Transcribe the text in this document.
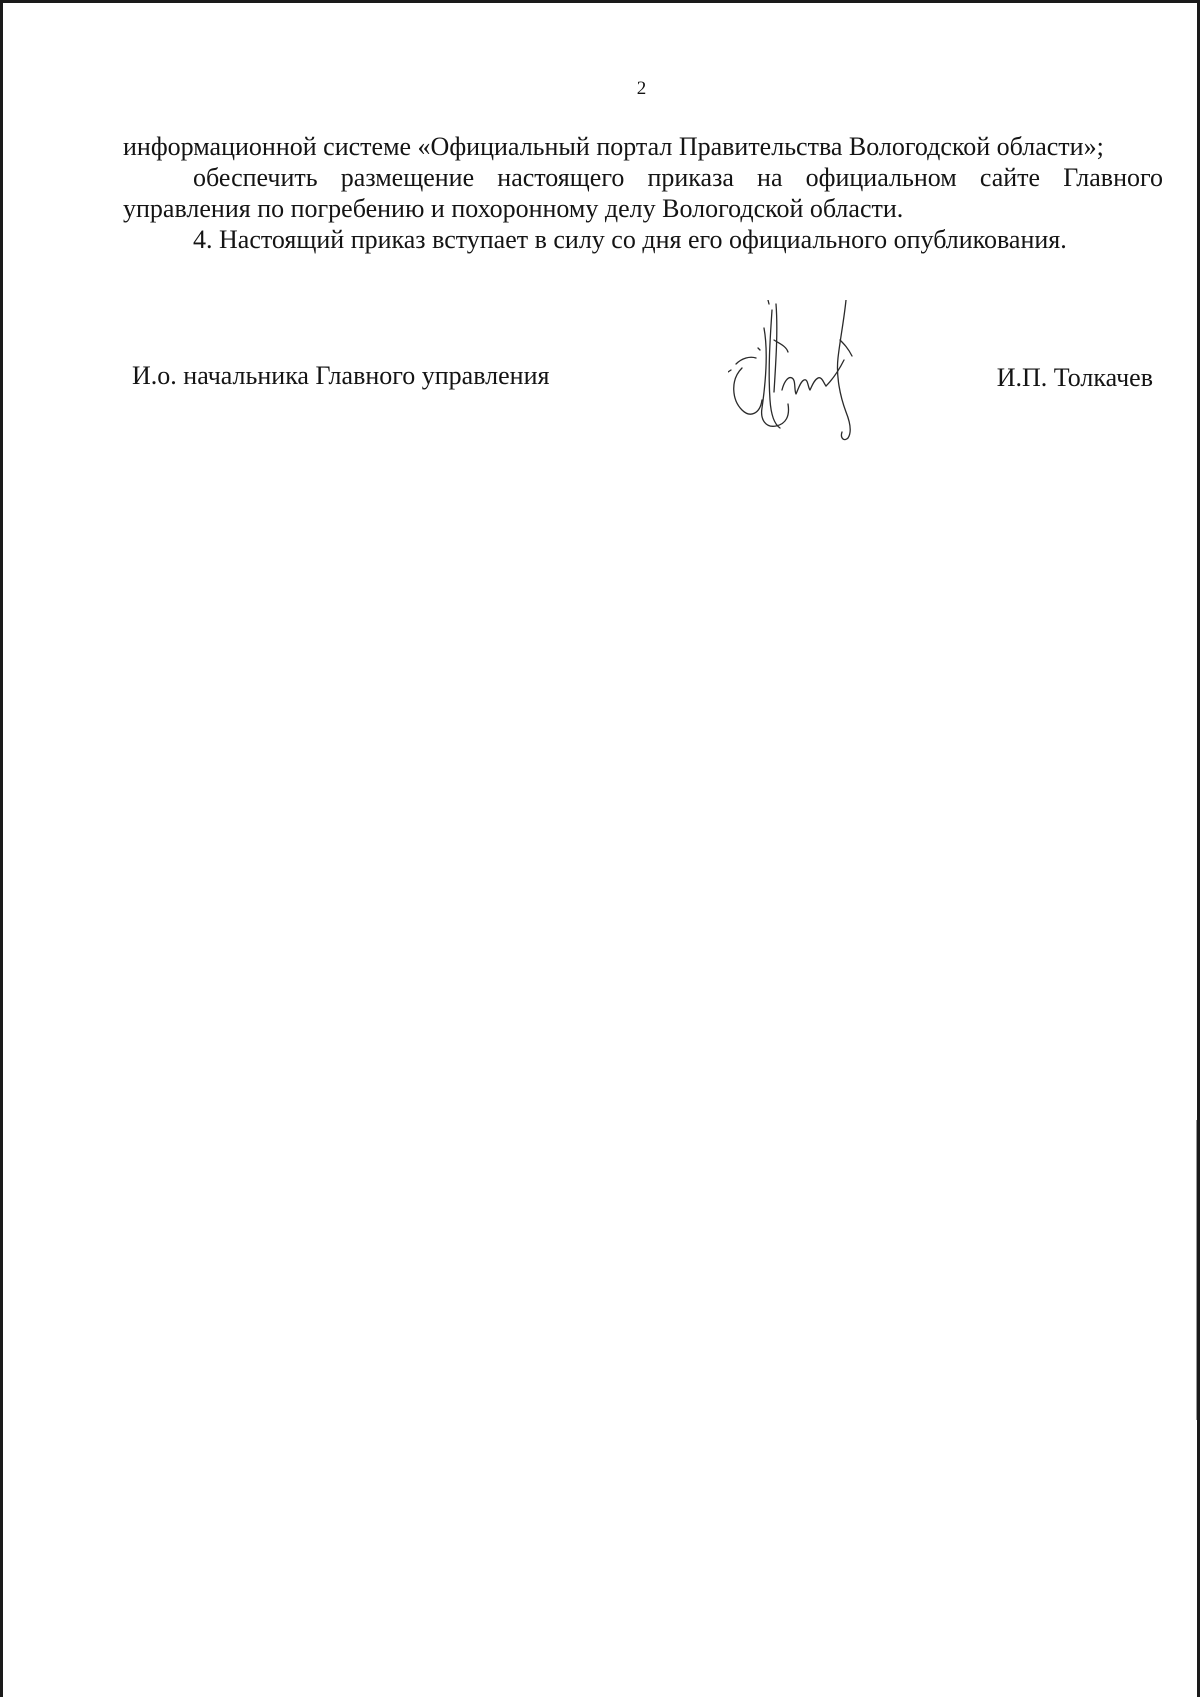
2

информационной системе «Официальный портал Правительства Вологодской области»;

обеспечить размещение настоящего приказа на официальном сайте Главного управления по погребению и похоронному делу Вологодской области.

4. Настоящий приказ вступает в силу со дня его официального опубликования.

И.о. начальника Главного управления	И.П. Толкачев
